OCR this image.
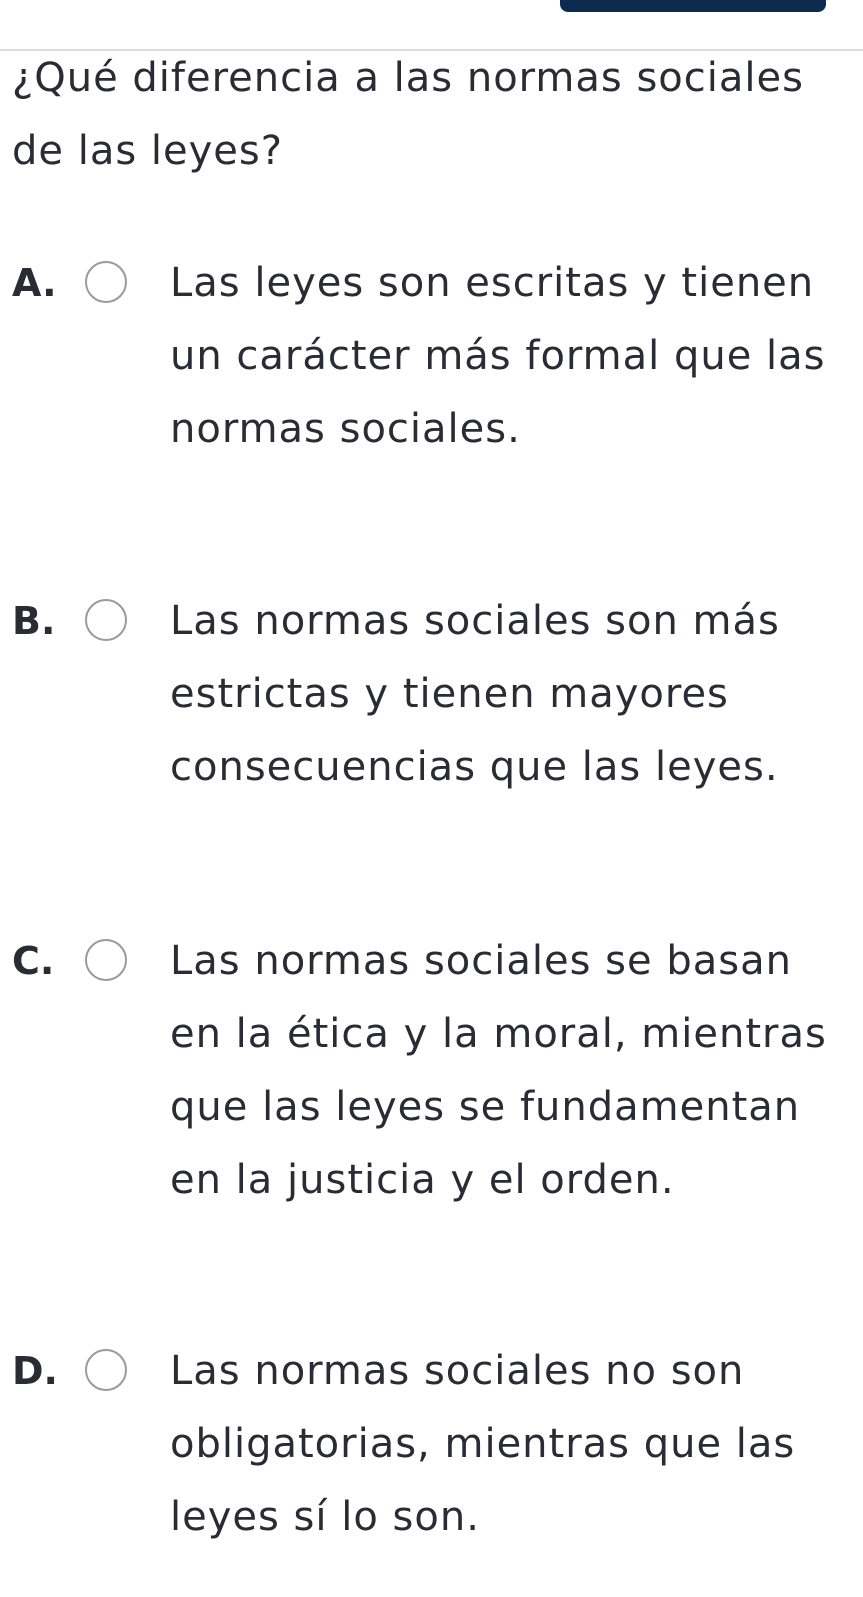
¿Qué diferencia a las normas sociales de las leyes?
A.	Las leyes son escritas y tienen un carácter más formal que las normas sociales.
B.	Las normas sociales son más estrictas y tienen mayores consecuencias que las leyes.
C.	Las normas sociales se basan en la ética y la moral, mientras que las leyes se fundamentan en la justicia y el orden.
D.	Las normas sociales no son obligatorias, mientras que las leyes sí lo son.
